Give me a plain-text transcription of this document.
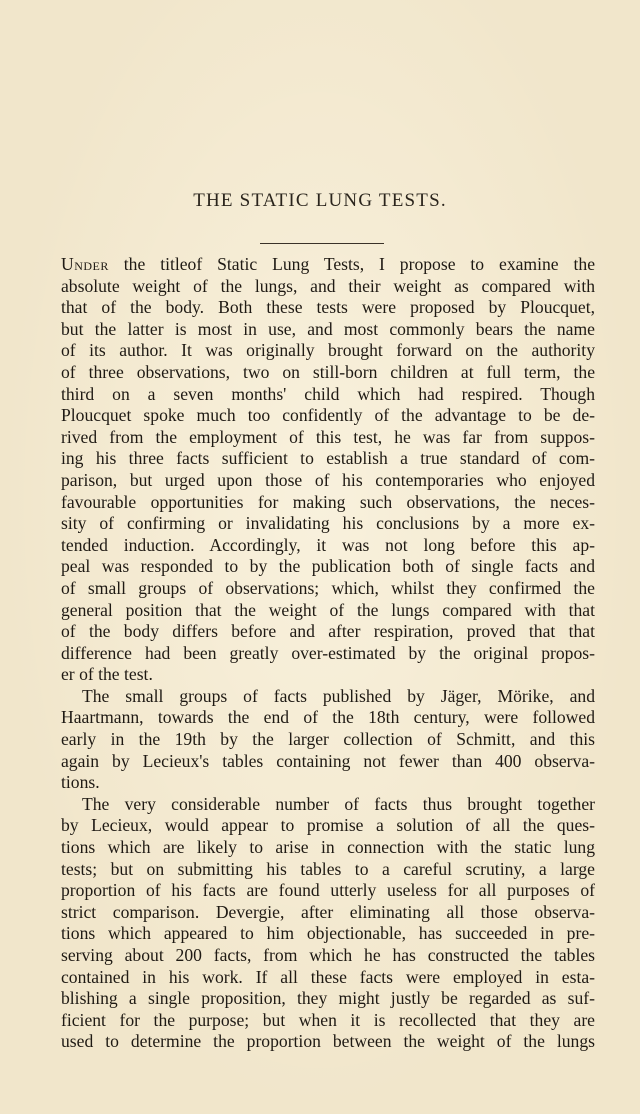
THE STATIC LUNG TESTS.
Under the titleof Static Lung Tests, I propose to examine the
absolute weight of the lungs, and their weight as compared with
that of the body. Both these tests were proposed by Ploucquet,
but the latter is most in use, and most commonly bears the name
of its author. It was originally brought forward on the authority
of three observations, two on still-born children at full term, the
third on a seven months' child which had respired. Though
Ploucquet spoke much too confidently of the advantage to be de-
rived from the employment of this test, he was far from suppos-
ing his three facts sufficient to establish a true standard of com-
parison, but urged upon those of his contemporaries who enjoyed
favourable opportunities for making such observations, the neces-
sity of confirming or invalidating his conclusions by a more ex-
tended induction. Accordingly, it was not long before this ap-
peal was responded to by the publication both of single facts and
of small groups of observations; which, whilst they confirmed the
general position that the weight of the lungs compared with that
of the body differs before and after respiration, proved that that
difference had been greatly over-estimated by the original propos-
er of the test.
The small groups of facts published by Jäger, Mörike, and
Haartmann, towards the end of the 18th century, were followed
early in the 19th by the larger collection of Schmitt, and this
again by Lecieux's tables containing not fewer than 400 observa-
tions.
The very considerable number of facts thus brought together
by Lecieux, would appear to promise a solution of all the ques-
tions which are likely to arise in connection with the static lung
tests; but on submitting his tables to a careful scrutiny, a large
proportion of his facts are found utterly useless for all purposes of
strict comparison. Devergie, after eliminating all those observa-
tions which appeared to him objectionable, has succeeded in pre-
serving about 200 facts, from which he has constructed the tables
contained in his work. If all these facts were employed in esta-
blishing a single proposition, they might justly be regarded as suf-
ficient for the purpose; but when it is recollected that they are
used to determine the proportion between the weight of the lungs
